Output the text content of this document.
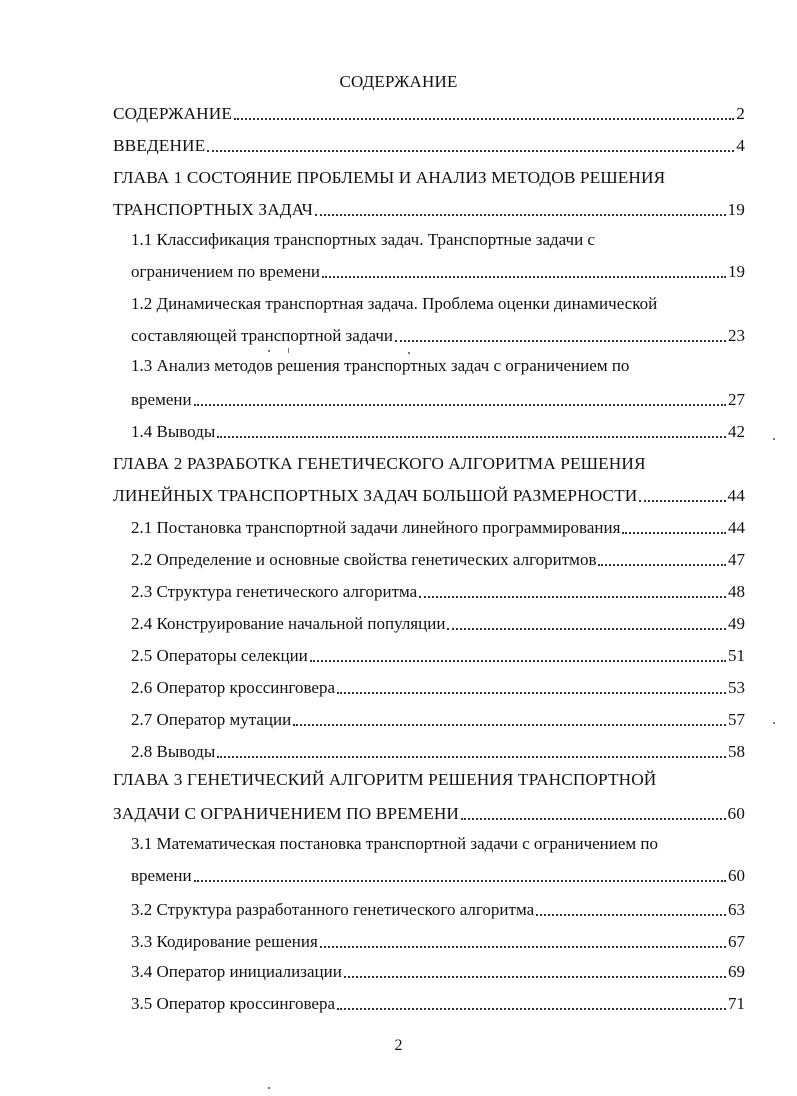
СОДЕРЖАНИЕ
СОДЕРЖАНИЕ	2
ВВЕДЕНИЕ	4
ГЛАВА 1 СОСТОЯНИЕ ПРОБЛЕМЫ И АНАЛИЗ МЕТОДОВ РЕШЕНИЯ
ТРАНСПОРТНЫХ ЗАДАЧ	19
1.1 Классификация транспортных задач. Транспортные задачи с
ограничением по времени	19
1.2 Динамическая транспортная задача. Проблема оценки динамической
составляющей транспортной задачи	23
1.3 Анализ методов решения транспортных задач с ограничением по
времени	27
1.4 Выводы	42
ГЛАВА 2 РАЗРАБОТКА ГЕНЕТИЧЕСКОГО АЛГОРИТМА РЕШЕНИЯ
ЛИНЕЙНЫХ ТРАНСПОРТНЫХ ЗАДАЧ БОЛЬШОЙ РАЗМЕРНОСТИ	44
2.1 Постановка транспортной задачи линейного программирования	44
2.2 Определение и основные свойства генетических алгоритмов	47
2.3 Структура генетического алгоритма	48
2.4 Конструирование начальной популяции	49
2.5 Операторы селекции	51
2.6 Оператор кроссинговера	53
2.7 Оператор мутации	57
2.8 Выводы	58
ГЛАВА 3 ГЕНЕТИЧЕСКИЙ АЛГОРИТМ РЕШЕНИЯ ТРАНСПОРТНОЙ
ЗАДАЧИ С ОГРАНИЧЕНИЕМ ПО ВРЕМЕНИ	60
3.1 Математическая постановка транспортной задачи с ограничением по
времени	60
3.2 Структура разработанного генетического алгоритма	63
3.3 Кодирование решения	67
3.4 Оператор инициализации	69
3.5 Оператор кроссинговера	71
2
